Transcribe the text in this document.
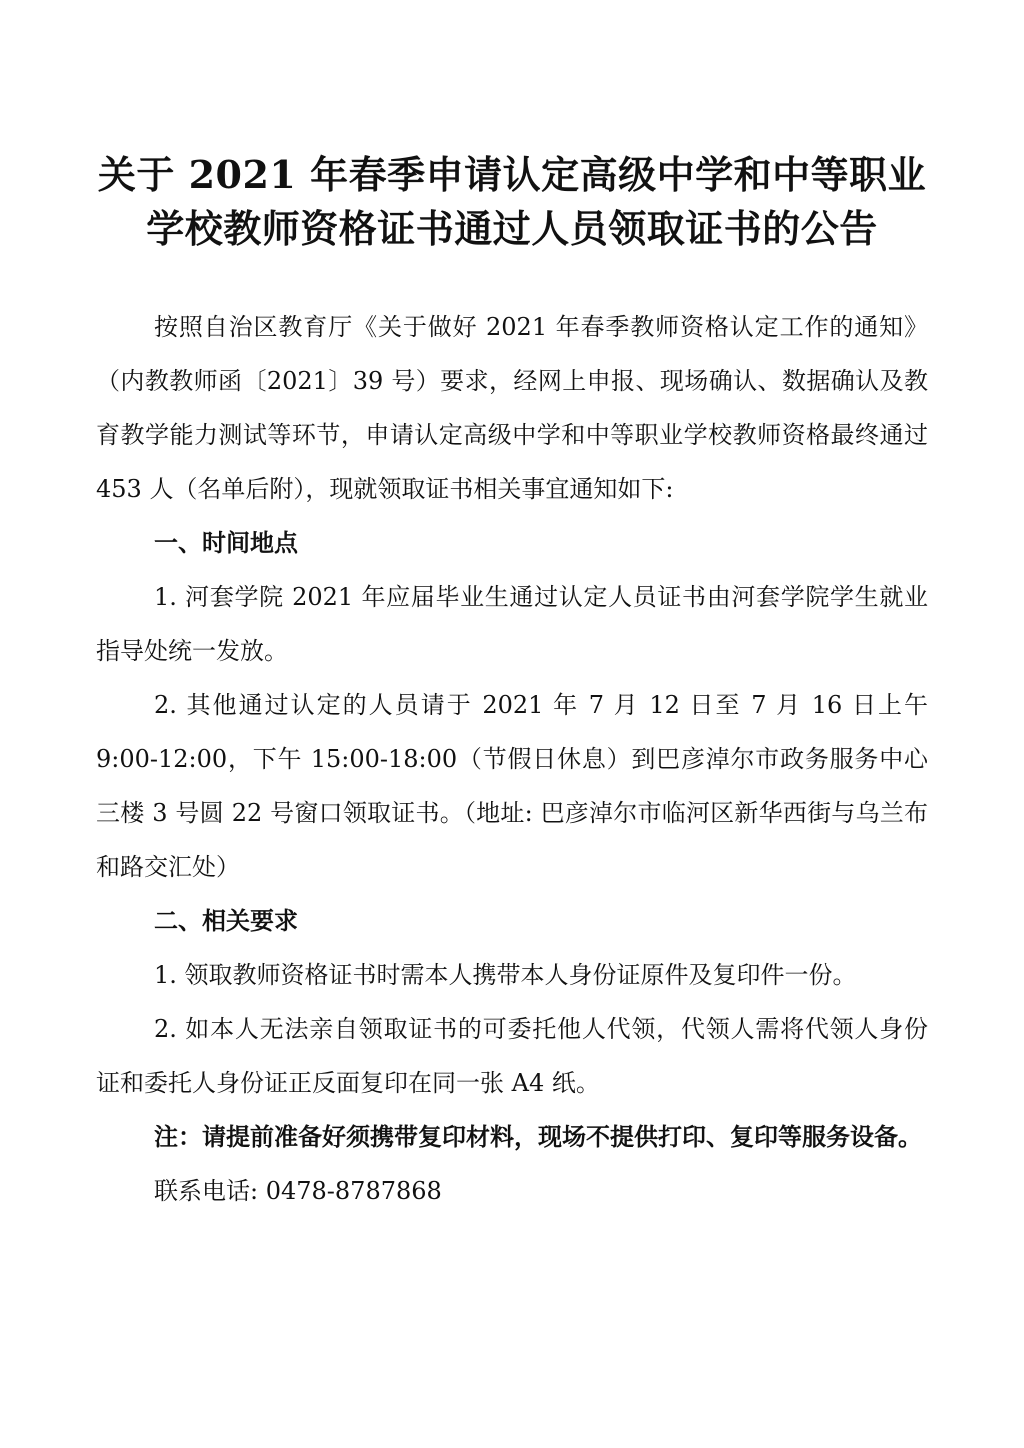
关于 2021 年春季申请认定高级中学和中等职业学校教师资格证书通过人员领取证书的公告

按照自治区教育厅《关于做好 2021 年春季教师资格认定工作的通知》（内教教师函〔2021〕39 号）要求，经网上申报、现场确认、数据确认及教育教学能力测试等环节，申请认定高级中学和中等职业学校教师资格最终通过 453 人（名单后附），现就领取证书相关事宜通知如下:

一、时间地点

1. 河套学院 2021 年应届毕业生通过认定人员证书由河套学院学生就业指导处统一发放。

2. 其他通过认定的人员请于 2021 年 7 月 12 日至 7 月 16 日上午 9:00-12:00，下午 15:00-18:00（节假日休息）到巴彦淖尔市政务服务中心三楼 3 号圆 22 号窗口领取证书。（地址: 巴彦淖尔市临河区新华西街与乌兰布和路交汇处）

二、相关要求

1. 领取教师资格证书时需本人携带本人身份证原件及复印件一份。

2. 如本人无法亲自领取证书的可委托他人代领，代领人需将代领人身份证和委托人身份证正反面复印在同一张 A4 纸。

注：请提前准备好须携带复印材料，现场不提供打印、复印等服务设备。

联系电话: 0478-8787868
